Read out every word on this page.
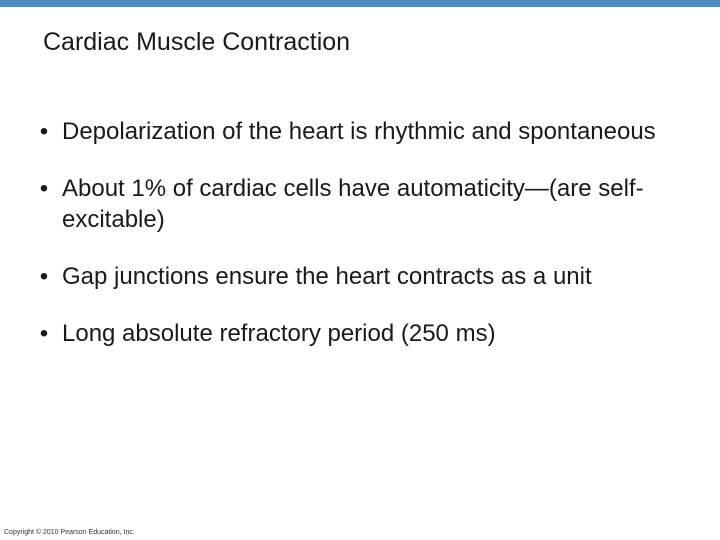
Cardiac Muscle Contraction
• Depolarization of the heart is rhythmic and spontaneous
• About 1% of cardiac cells have automaticity—(are self-excitable)
• Gap junctions ensure the heart contracts as a unit
• Long absolute refractory period (250 ms)
Copyright © 2010 Pearson Education, Inc.
